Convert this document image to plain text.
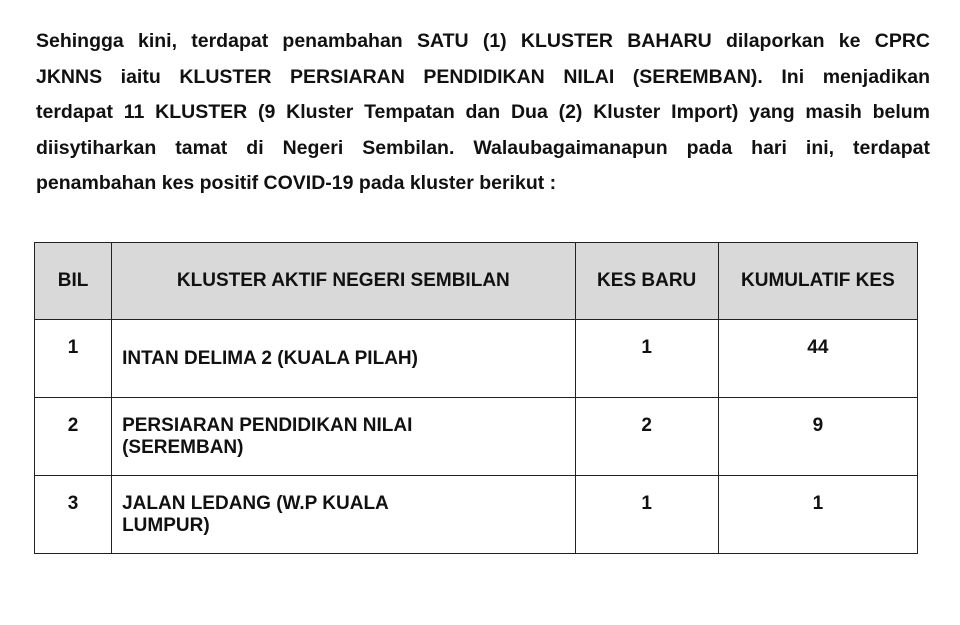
Sehingga kini, terdapat penambahan SATU (1) KLUSTER BAHARU dilaporkan ke CPRC
JKNNS iaitu KLUSTER PERSIARAN PENDIDIKAN NILAI (SEREMBAN). Ini menjadikan
terdapat 11 KLUSTER (9 Kluster Tempatan dan Dua (2) Kluster Import) yang masih belum
diisytiharkan tamat di Negeri Sembilan. Walaubagaimanapun pada hari ini, terdapat
penambahan kes positif COVID-19 pada kluster berikut :
BIL	KLUSTER AKTIF NEGERI SEMBILAN	KES BARU	KUMULATIF KES
1	INTAN DELIMA 2 (KUALA PILAH)	1	44
2	PERSIARAN PENDIDIKAN NILAI (SEREMBAN)	2	9
3	JALAN LEDANG (W.P KUALA LUMPUR)	1	1
